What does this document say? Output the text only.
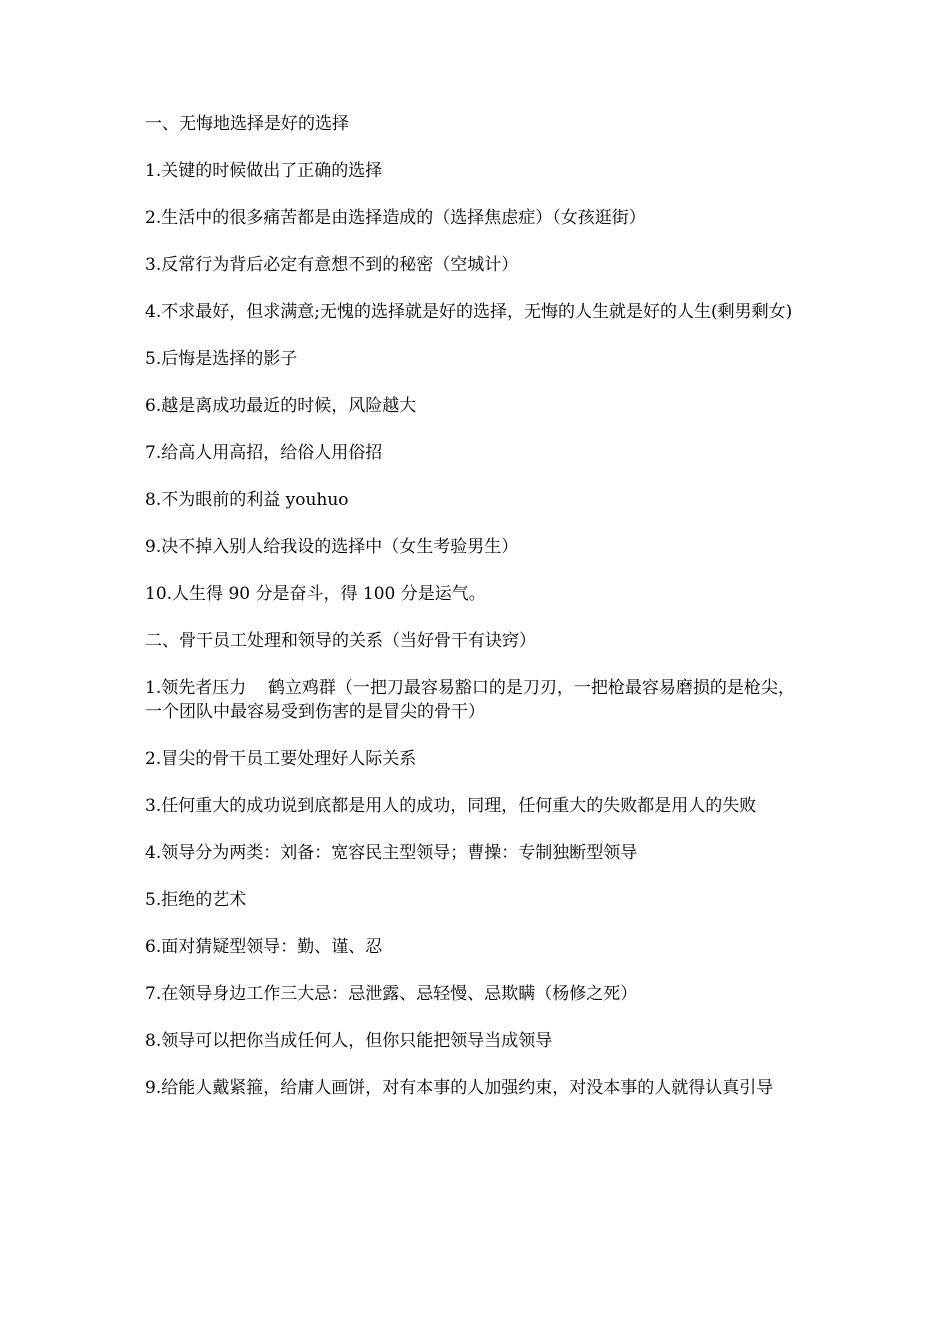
一、无悔地选择是好的选择

1.关键的时候做出了正确的选择

2.生活中的很多痛苦都是由选择造成的（选择焦虑症）（女孩逛街）

3.反常行为背后必定有意想不到的秘密（空城计）

4.不求最好，但求满意;无愧的选择就是好的选择，无悔的人生就是好的人生(剩男剩女)

5.后悔是选择的影子

6.越是离成功最近的时候，风险越大

7.给高人用高招，给俗人用俗招

8.不为眼前的利益 youhuo

9.决不掉入别人给我设的选择中（女生考验男生）

10.人生得 90 分是奋斗，得 100 分是运气。

二、骨干员工处理和领导的关系（当好骨干有诀窍）

1.领先者压力    鹤立鸡群（一把刀最容易豁口的是刀刃，一把枪最容易磨损的是枪尖，一个团队中最容易受到伤害的是冒尖的骨干）

2.冒尖的骨干员工要处理好人际关系

3.任何重大的成功说到底都是用人的成功，同理，任何重大的失败都是用人的失败

4.领导分为两类：刘备：宽容民主型领导；曹操：专制独断型领导

5.拒绝的艺术

6.面对猜疑型领导：勤、谨、忍

7.在领导身边工作三大忌：忌泄露、忌轻慢、忌欺瞒（杨修之死）

8.领导可以把你当成任何人，但你只能把领导当成领导

9.给能人戴紧箍，给庸人画饼，对有本事的人加强约束，对没本事的人就得认真引导
